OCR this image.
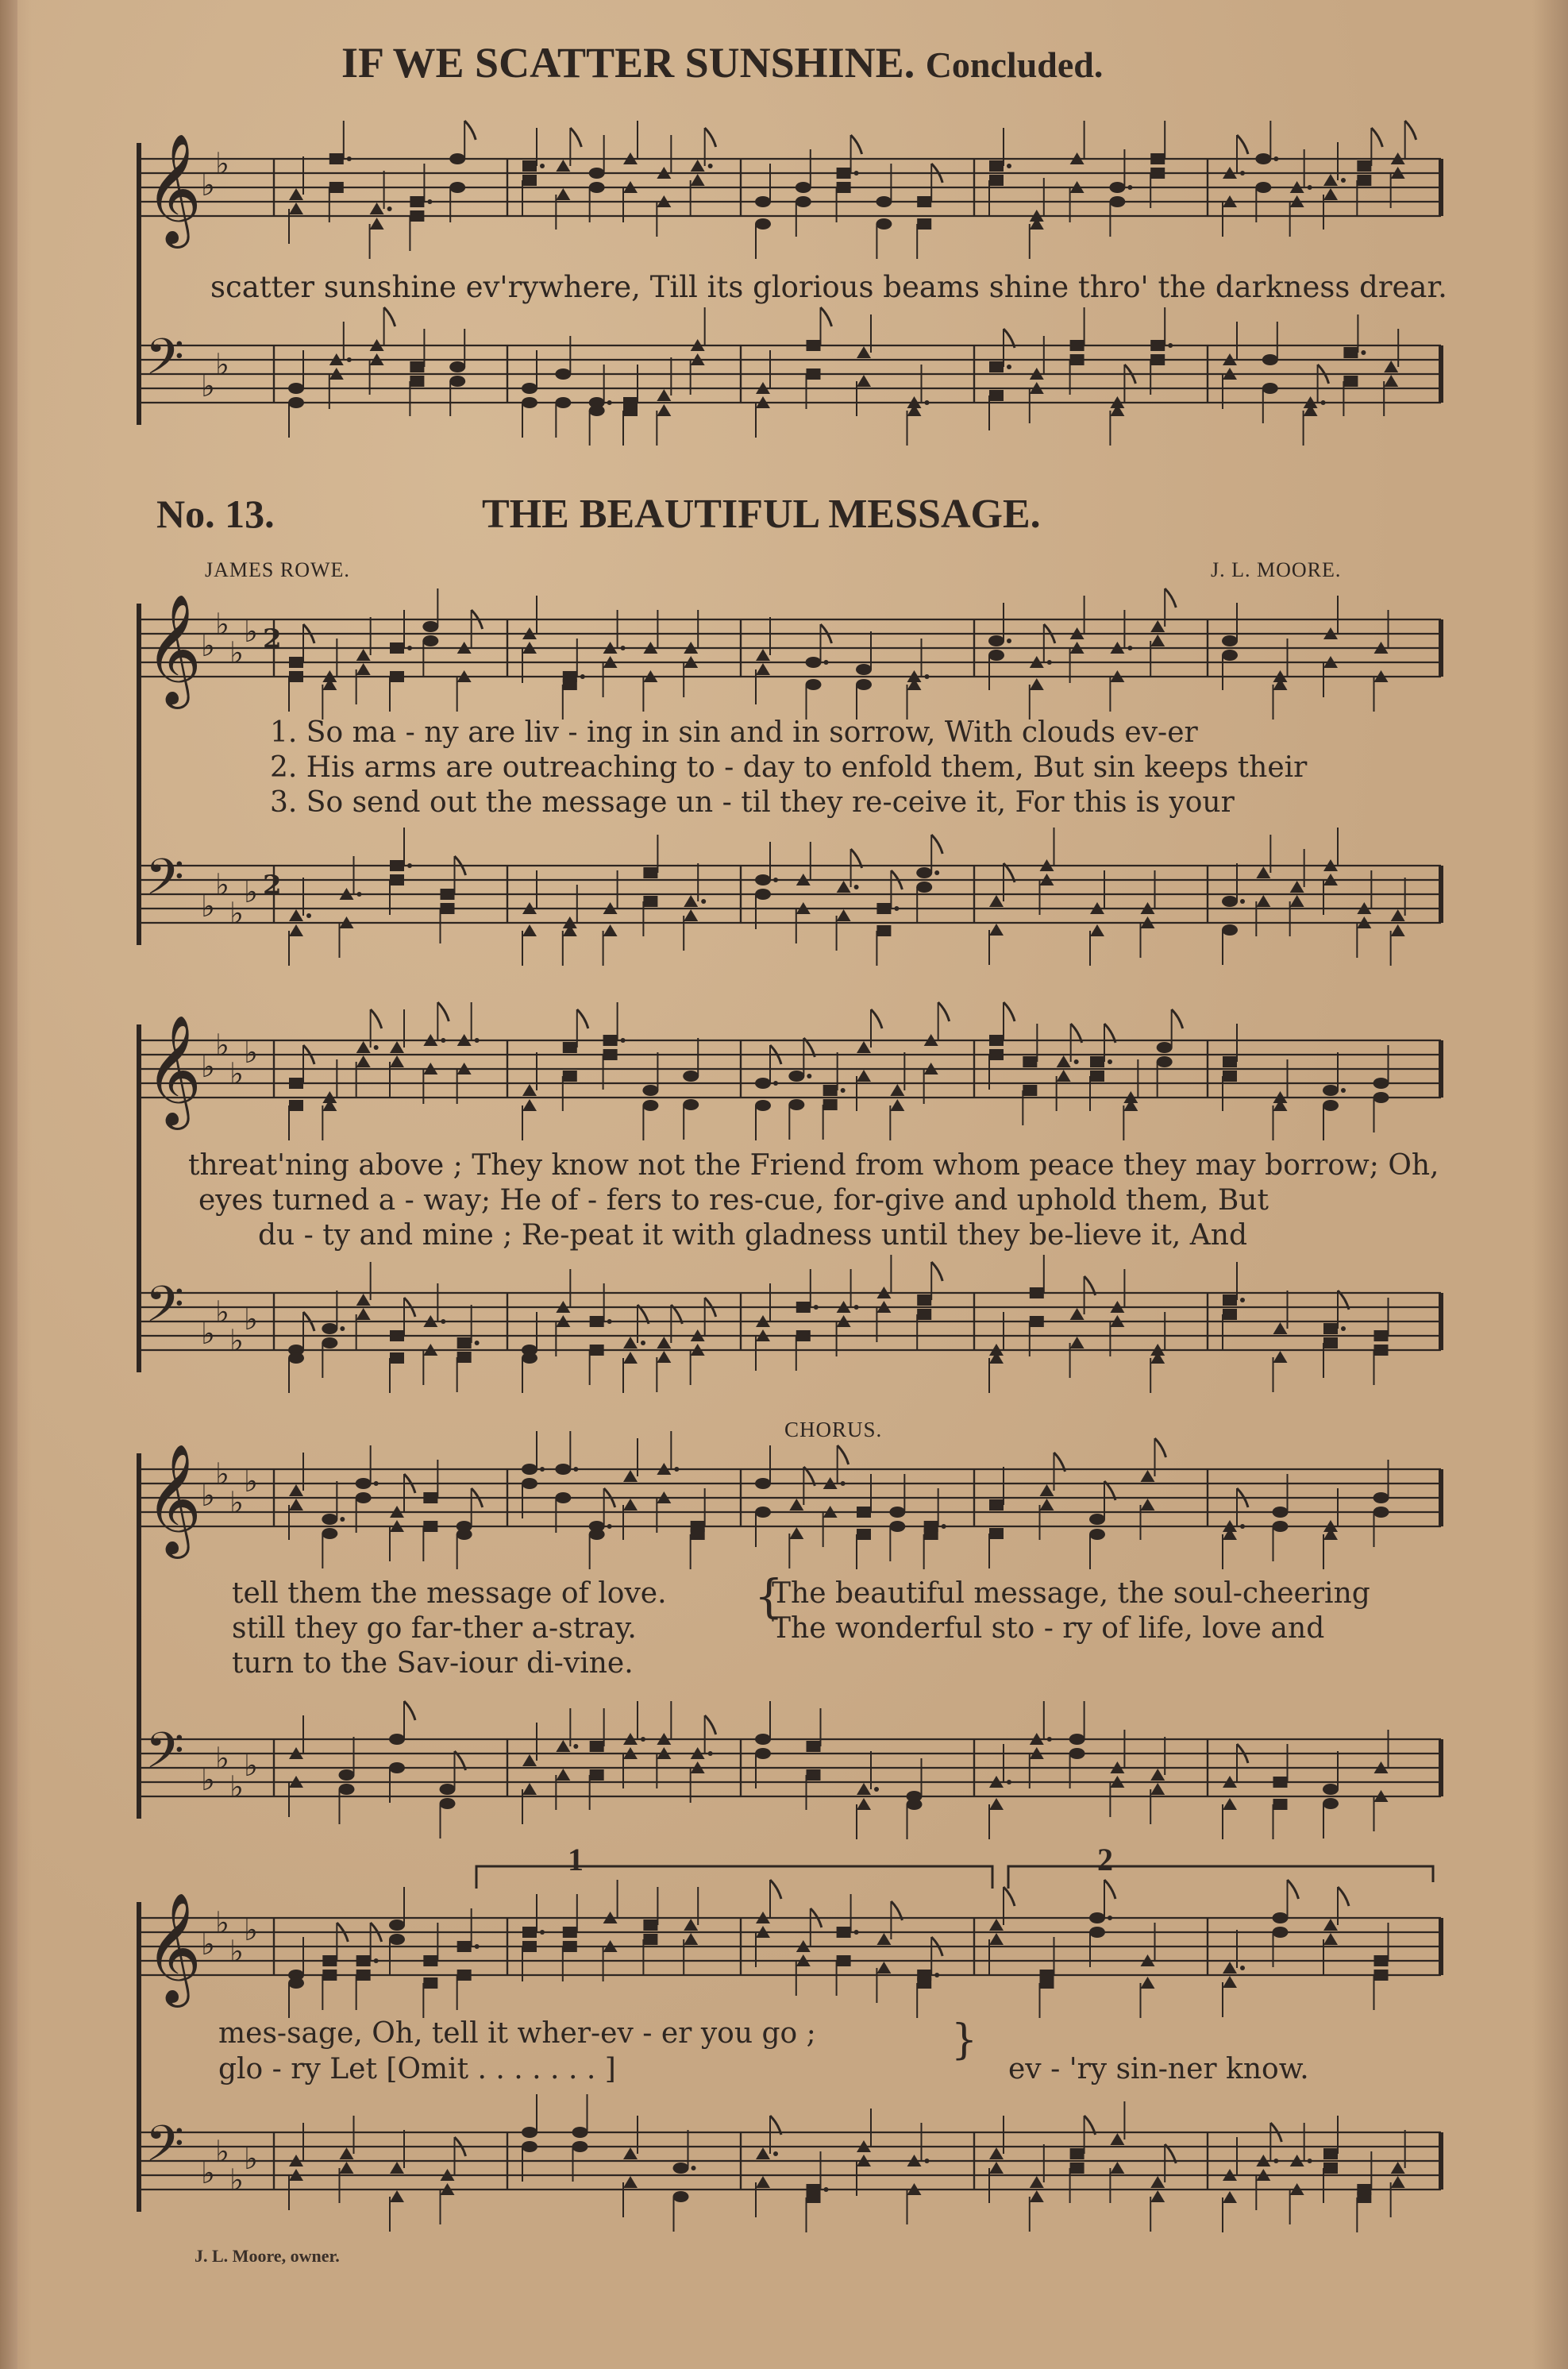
IF WE SCATTER SUNSHINE. Concluded.
𝄞 ♭
♭
scatter sunshine ev'rywhere, Till its glorious beams shine thro' the darkness drear.
𝄢 ♭
♭
No. 13.	THE BEAUTIFUL MESSAGE.
JAMES ROWE.	J. L. MOORE.
𝄞 ♭
♭
♭
♭ 2
1. So ma - ny are liv - ing in sin and in sorrow, With clouds ev-er
2. His arms are outreaching to - day to enfold them, But sin keeps their
3. So send out the message un - til they re-ceive it, For this is your
𝄢 ♭
♭
♭
♭ 2
𝄞 ♭
♭
♭
♭
threat'ning above ; They know not the Friend from whom peace they may borrow; Oh,
eyes turned a - way; He of - fers to res-cue, for-give and uphold them, But
du - ty and mine ; Re-peat it with gladness until they be-lieve it, And
𝄢 ♭
♭
♭
♭
CHORUS.
𝄞 ♭
♭
♭
♭
tell them the message of love.
still they go far-ther a-stray.
turn to the Sav-iour di-vine.
{
The beautiful message, the soul-cheering
The wonderful sto - ry of life, love and
𝄢 ♭
♭
♭
♭
1	2
𝄞 ♭
♭
♭
♭
mes-sage, Oh, tell it wher-ev - er you go ;
glo - ry Let [Omit . . . . . . . ]
}
ev - 'ry sin-ner know.
𝄢 ♭
♭
♭
♭
J. L. Moore, owner.
